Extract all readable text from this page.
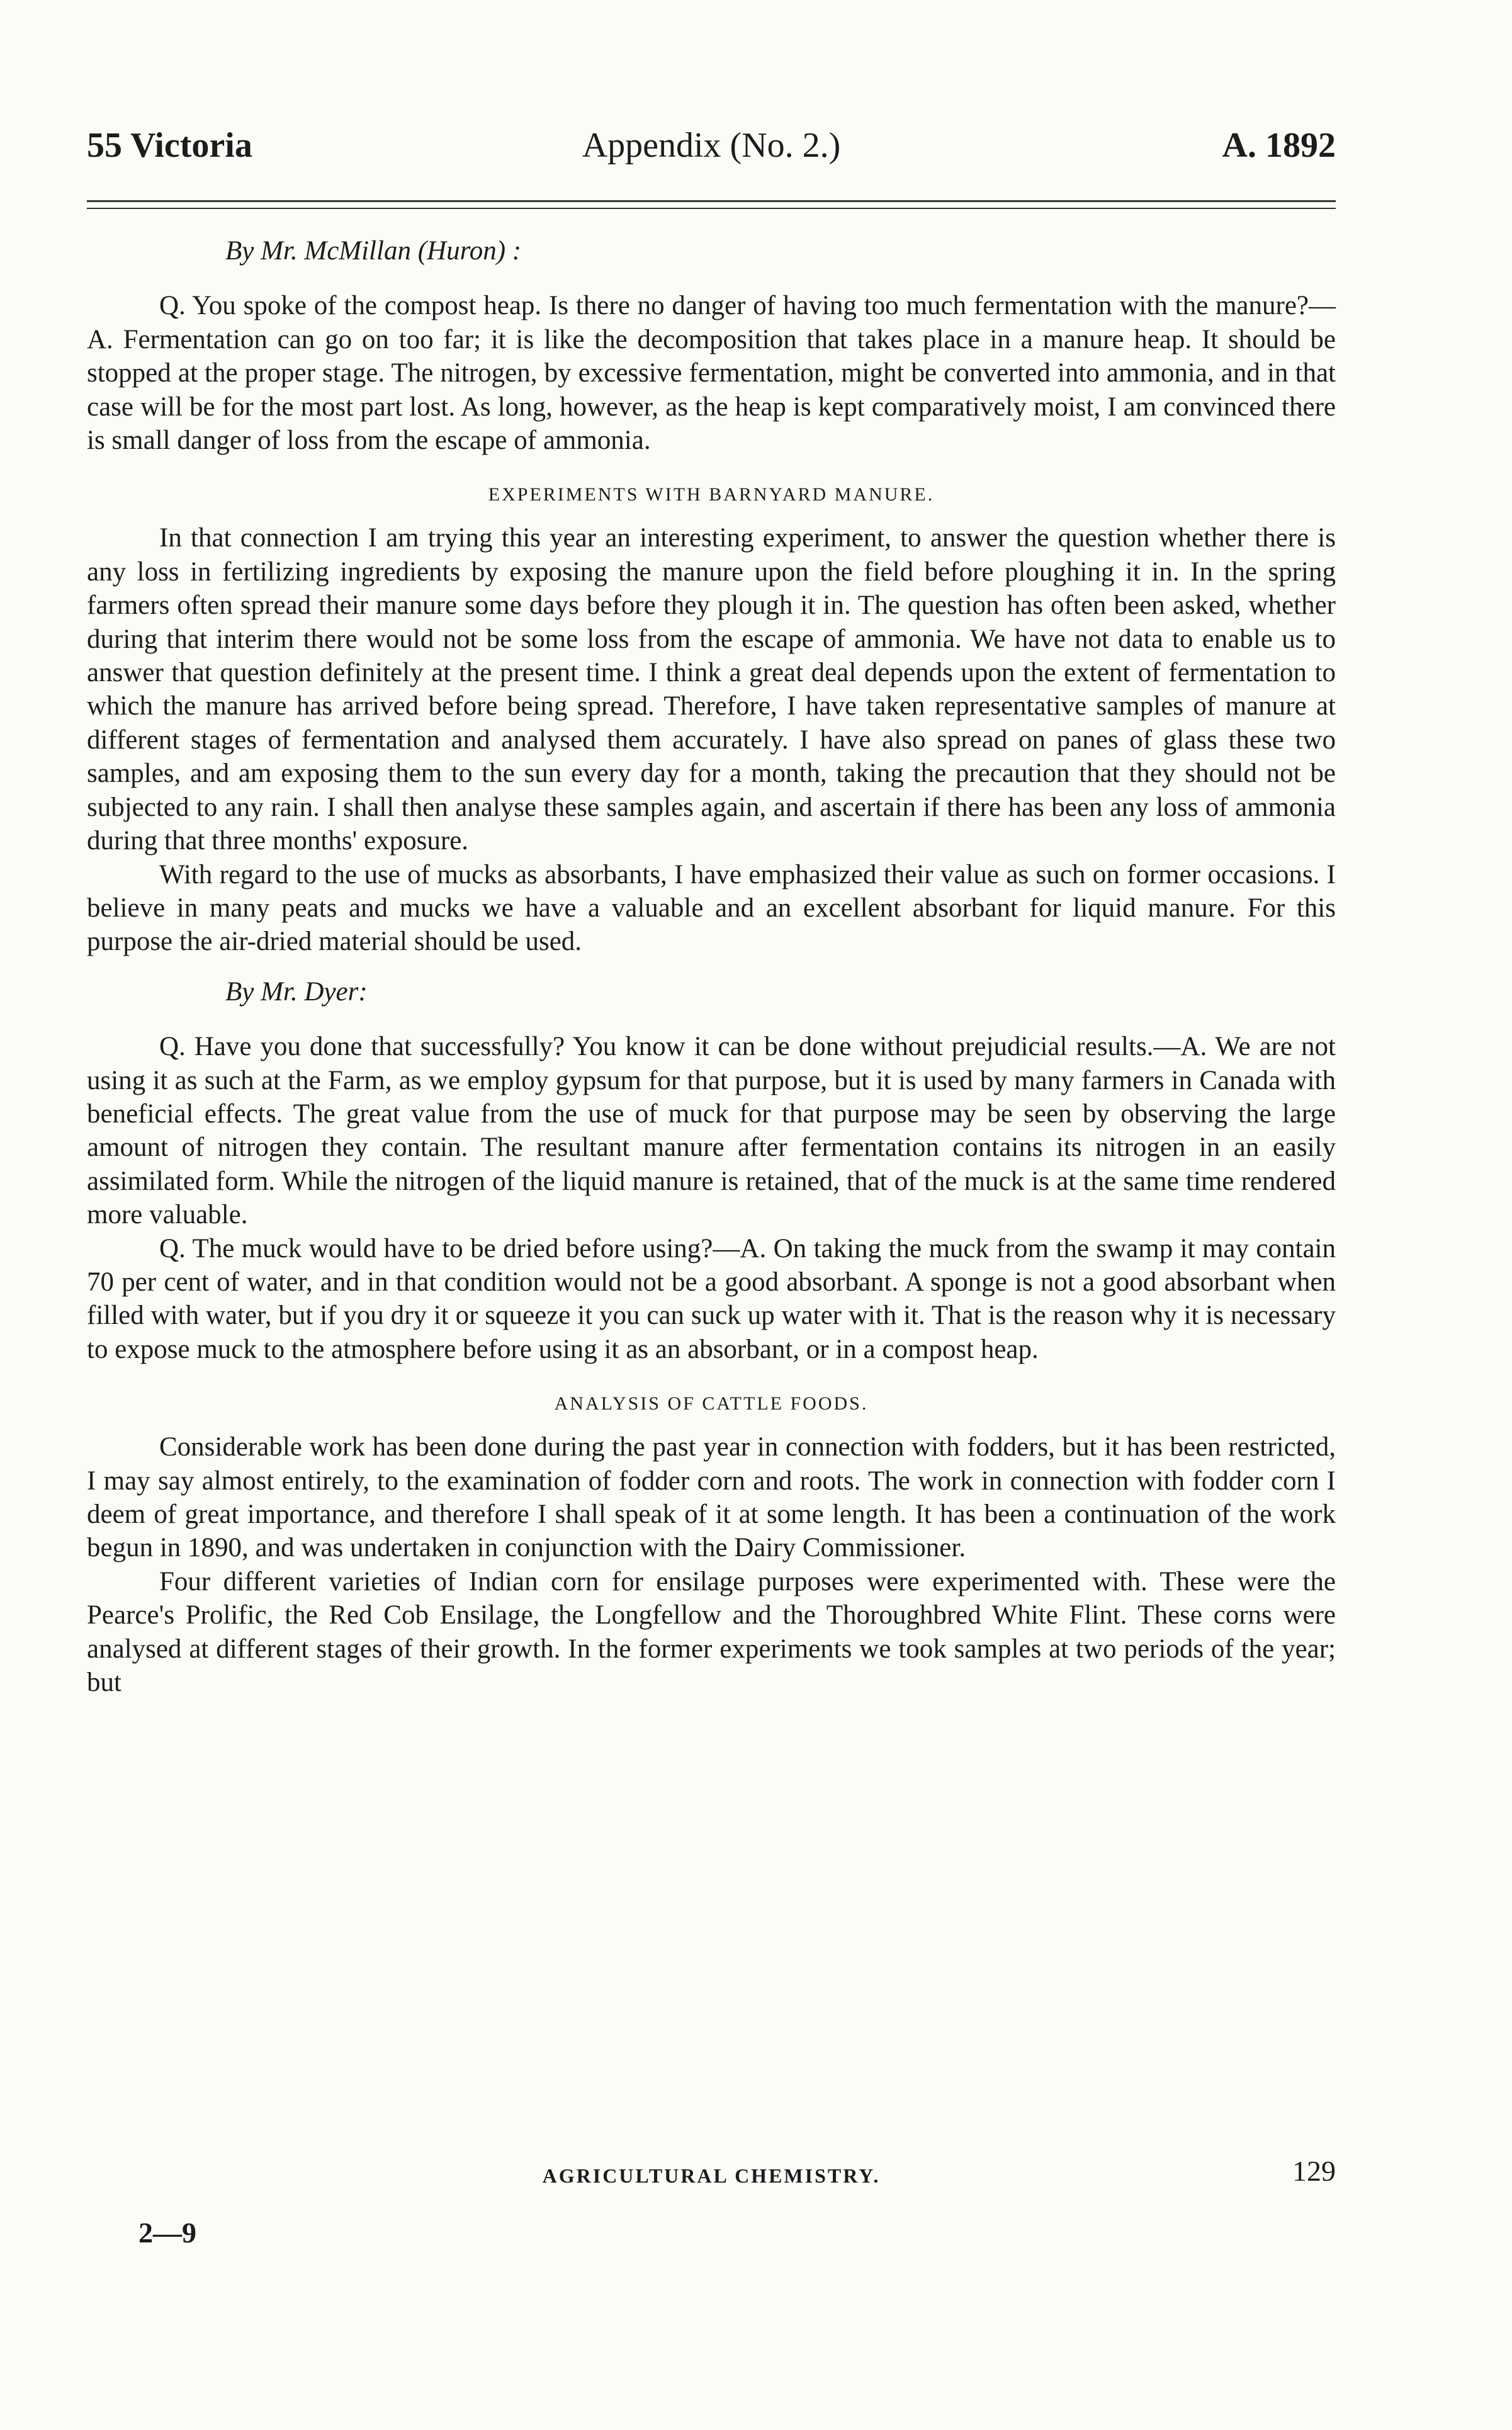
55 Victoria	Appendix (No. 2.)	A. 1892
By Mr. McMillan (Huron) :

Q. You spoke of the compost heap. Is there no danger of having too much fermentation with the manure?—A. Fermentation can go on too far; it is like the decomposition that takes place in a manure heap. It should be stopped at the proper stage. The nitrogen, by excessive fermentation, might be converted into ammonia, and in that case will be for the most part lost. As long, however, as the heap is kept comparatively moist, I am convinced there is small danger of loss from the escape of ammonia.

EXPERIMENTS WITH BARNYARD MANURE.

In that connection I am trying this year an interesting experiment, to answer the question whether there is any loss in fertilizing ingredients by exposing the manure upon the field before ploughing it in. In the spring farmers often spread their manure some days before they plough it in. The question has often been asked, whether during that interim there would not be some loss from the escape of ammonia. We have not data to enable us to answer that question definitely at the present time. I think a great deal depends upon the extent of fermentation to which the manure has arrived before being spread. Therefore, I have taken representative samples of manure at different stages of fermentation and analysed them accurately. I have also spread on panes of glass these two samples, and am exposing them to the sun every day for a month, taking the precaution that they should not be subjected to any rain. I shall then analyse these samples again, and ascertain if there has been any loss of ammonia during that three months' exposure.

With regard to the use of mucks as absorbants, I have emphasized their value as such on former occasions. I believe in many peats and mucks we have a valuable and an excellent absorbant for liquid manure. For this purpose the air-dried material should be used.

By Mr. Dyer:

Q. Have you done that successfully? You know it can be done without prejudicial results.—A. We are not using it as such at the Farm, as we employ gypsum for that purpose, but it is used by many farmers in Canada with beneficial effects. The great value from the use of muck for that purpose may be seen by observing the large amount of nitrogen they contain. The resultant manure after fermentation contains its nitrogen in an easily assimilated form. While the nitrogen of the liquid manure is retained, that of the muck is at the same time rendered more valuable.

Q. The muck would have to be dried before using?—A. On taking the muck from the swamp it may contain 70 per cent of water, and in that condition would not be a good absorbant. A sponge is not a good absorbant when filled with water, but if you dry it or squeeze it you can suck up water with it. That is the reason why it is necessary to expose muck to the atmosphere before using it as an absorbant, or in a compost heap.

ANALYSIS OF CATTLE FOODS.

Considerable work has been done during the past year in connection with fodders, but it has been restricted, I may say almost entirely, to the examination of fodder corn and roots. The work in connection with fodder corn I deem of great importance, and therefore I shall speak of it at some length. It has been a continuation of the work begun in 1890, and was undertaken in conjunction with the Dairy Commissioner.

Four different varieties of Indian corn for ensilage purposes were experimented with. These were the Pearce's Prolific, the Red Cob Ensilage, the Longfellow and the Thoroughbred White Flint. These corns were analysed at different stages of their growth. In the former experiments we took samples at two periods of the year; but

AGRICULTURAL CHEMISTRY.	129
2—9
